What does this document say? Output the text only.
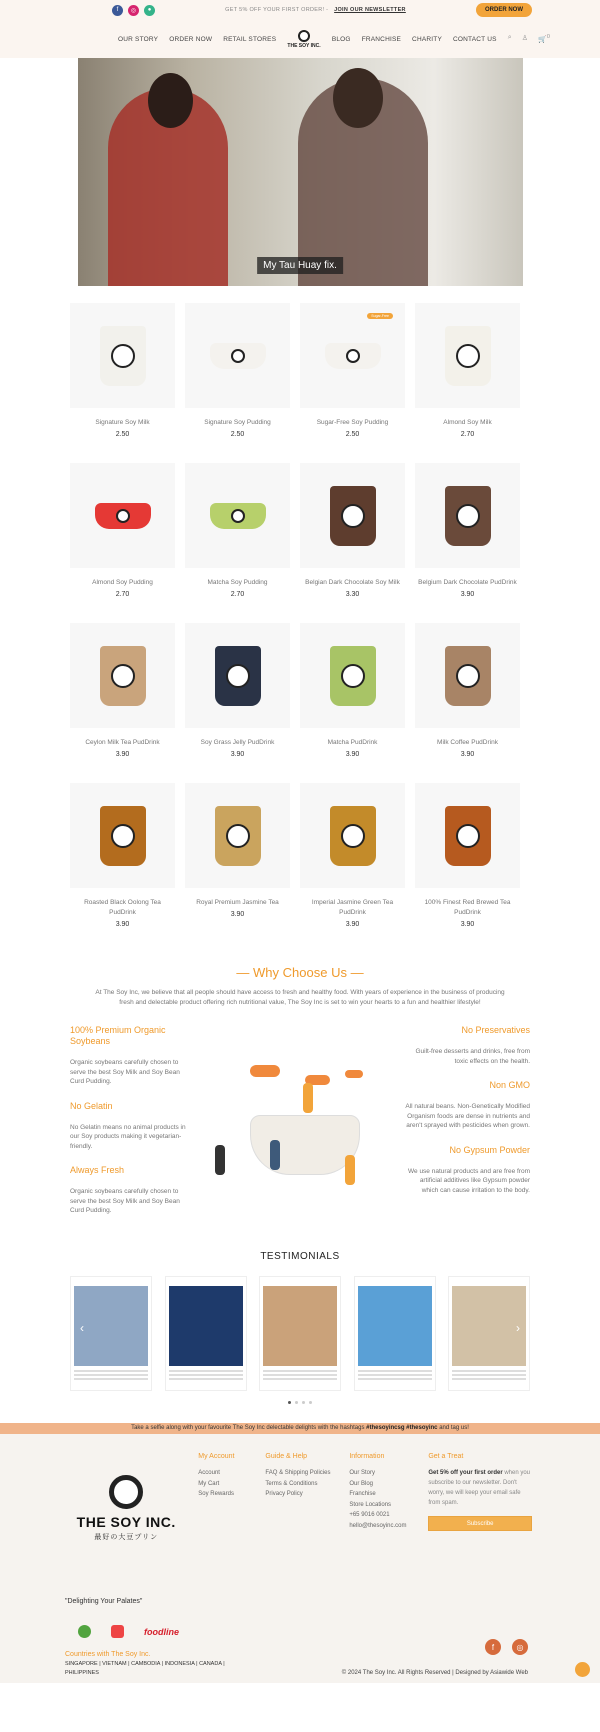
f	◎	●	GET 5% OFF YOUR FIRST ORDER! - JOIN OUR NEWSLETTER	ORDER NOW
OUR STORY ORDER NOW RETAIL STORES
THE SOY INC.
BLOG FRANCHISE CHARITY CONTACT US ⌕ ♙ 🛒$^0$
My Tau Huay fix.
Signature Soy Milk
2.50
Signature Soy Pudding
2.50
Sugar-Free
Sugar-Free Soy Pudding
2.50
Almond Soy Milk
2.70
Almond Soy Pudding
2.70
Matcha Soy Pudding
2.70
Belgian Dark Chocolate Soy Milk
3.30
Belgium Dark Chocolate PudDrink
3.90
Ceylon Milk Tea PudDrink
3.90
Soy Grass Jelly PudDrink
3.90
Matcha PudDrink
3.90
Milk Coffee PudDrink
3.90
Roasted Black Oolong Tea PudDrink
3.90
Royal Premium Jasmine Tea
3.90
Imperial Jasmine Green Tea PudDrink
3.90
100% Finest Red Brewed Tea PudDrink
3.90
— Why Choose Us —

At The Soy Inc, we believe that all people should have access to fresh and healthy food. With years of experience in the business of producing fresh and delectable product offering rich nutritional value, The Soy Inc is set to win your hearts to a fun and healthier lifestyle!

100% Premium Organic Soybeans

Organic soybeans carefully chosen to serve the best Soy Milk and Soy Bean Curd Pudding.

No Gelatin

No Gelatin means no animal products in our Soy products making it vegetarian-friendly.

Always Fresh

Organic soybeans carefully chosen to serve the best Soy Milk and Soy Bean Curd Pudding.

No Preservatives

Guilt-free desserts and drinks, free from toxic effects on the health.

Non GMO

All natural beans. Non-Genetically Modified Organism foods are dense in nutrients and aren't sprayed with pesticides when grown.

No Gypsum Powder

We use natural products and are free from artificial additives like Gypsum powder which can cause irritation to the body.

TESTIMONIALS
‹	›
Take a selfie along with your favourite The Soy Inc delectable delights with the hashtags #thesoyincsg #thesoyinc and tag us!
THE SOY INC.
最好の大豆プリン
My Account
Account
My Cart
Soy Rewards
Guide & Help
FAQ & Shipping Policies
Terms & Conditions
Privacy Policy
Information
Our Story
Our Blog
Franchise
Store Locations
+65 9016 0021
hello@thesoyinc.com
Get a Treat

Get 5% off your first order when you subscribe to our newsletter. Don't worry, we will keep your email safe from spam.

Subscribe
"Delighting Your Palates"
foodline
Countries with The Soy Inc.
SINGAPORE | VIETNAM | CAMBODIA | INDONESIA | CANADA | PHILIPPINES
f	◎
© 2024 The Soy Inc. All Rights Reserved | Designed by Asiawide Web
